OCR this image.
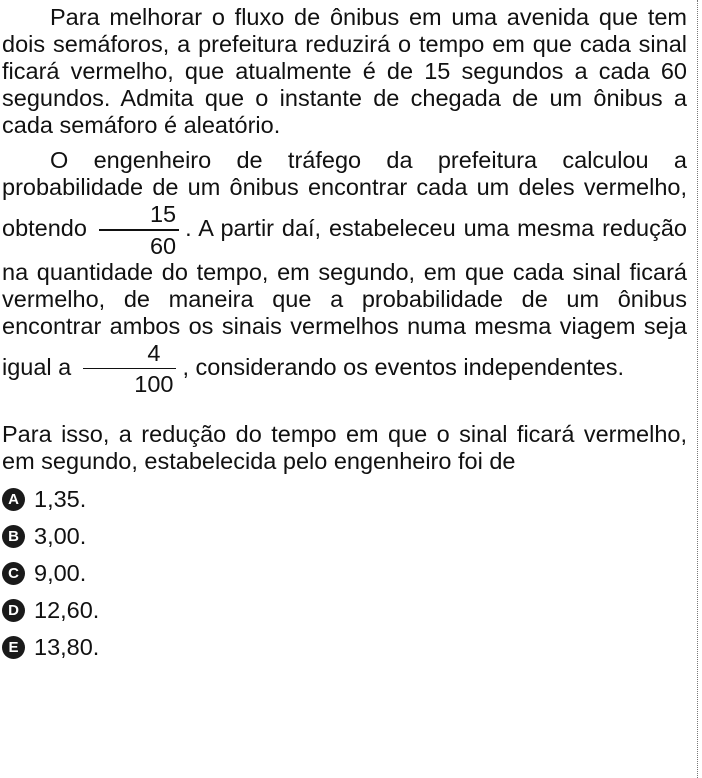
Para melhorar o fluxo de ônibus em uma avenida que tem dois semáforos, a prefeitura reduzirá o tempo em que cada sinal ficará vermelho, que atualmente é de 15 segundos a cada 60 segundos. Admita que o instante de chegada de um ônibus a cada semáforo é aleatório.

O engenheiro de tráfego da prefeitura calculou a probabilidade de um ônibus encontrar cada um deles vermelho, obtendo $\frac{15}{60}$ . A partir daí, estabeleceu uma mesma redução na quantidade do tempo, em segundo, em que cada sinal ficará vermelho, de maneira que a probabilidade de um ônibus encontrar ambos os sinais vermelhos numa mesma viagem seja igual a $\frac{4}{100}$ , considerando os eventos independentes.

Para isso, a redução do tempo em que o sinal ficará vermelho, em segundo, estabelecida pelo engenheiro foi de

A 1,35.
B 3,00.
C 9,00.
D 12,60.
E 13,80.
